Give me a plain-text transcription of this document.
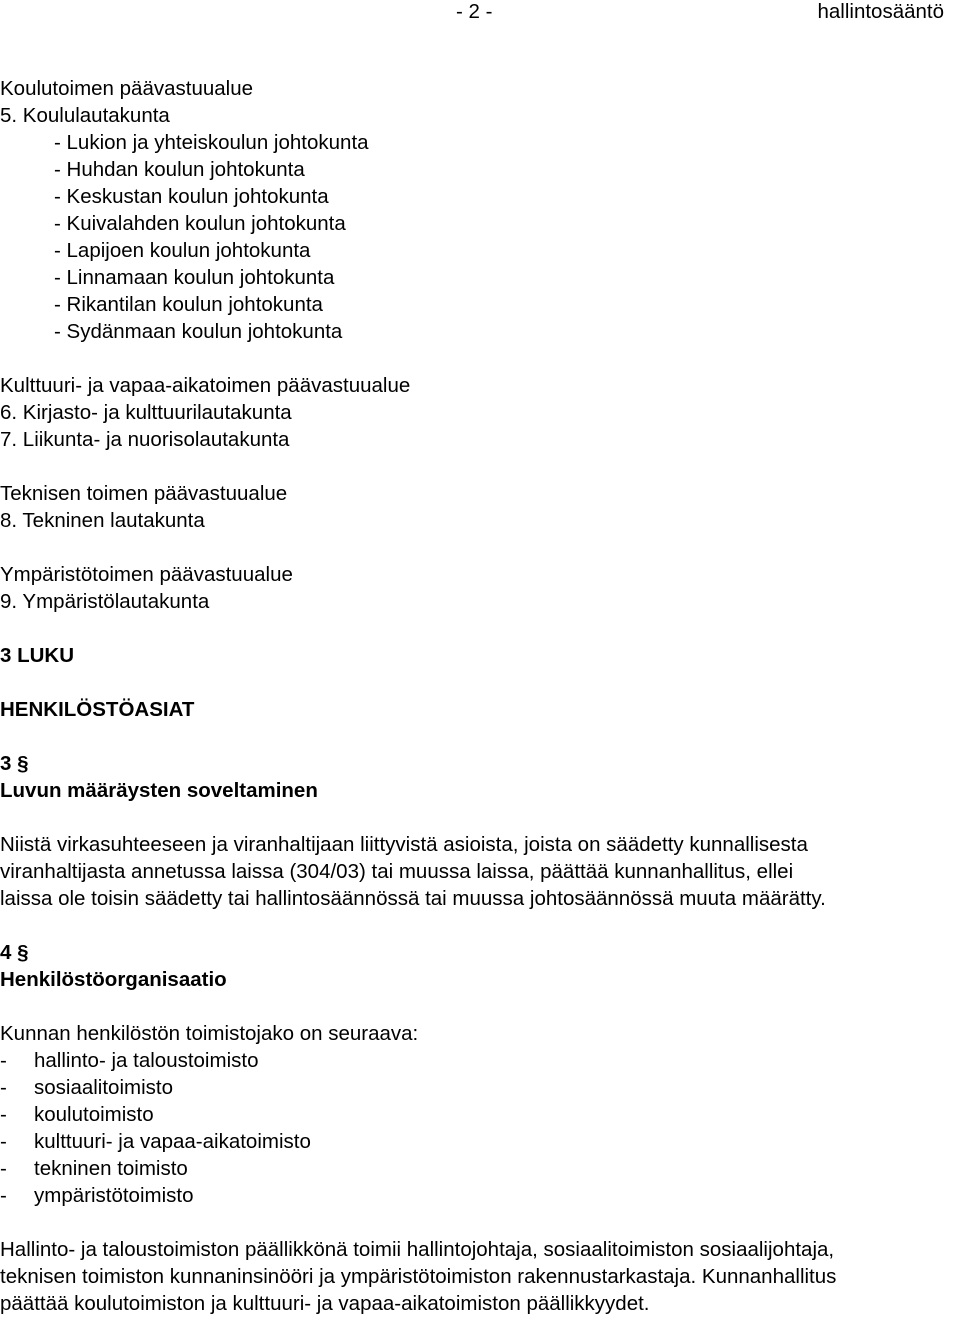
- 2 -	hallintosääntö
Koulutoimen päävastuualue
5. Koululautakunta
- Lukion ja yhteiskoulun johtokunta
- Huhdan koulun johtokunta
- Keskustan koulun johtokunta
- Kuivalahden koulun johtokunta
- Lapijoen koulun johtokunta
- Linnamaan koulun johtokunta
- Rikantilan koulun johtokunta
- Sydänmaan koulun johtokunta
Kulttuuri- ja vapaa-aikatoimen päävastuualue
6. Kirjasto- ja kulttuurilautakunta
7. Liikunta- ja nuorisolautakunta
Teknisen toimen päävastuualue
8. Tekninen lautakunta
Ympäristötoimen päävastuualue
9. Ympäristölautakunta
3 LUKU
HENKILÖSTÖASIAT
3 §
Luvun määräysten soveltaminen
Niistä virkasuhteeseen ja viranhaltijaan liittyvistä asioista, joista on säädetty kunnallisesta
viranhaltijasta annetussa laissa (304/03) tai muussa laissa, päättää kunnanhallitus, ellei
laissa ole toisin säädetty tai hallintosäännössä tai muussa johtosäännössä muuta määrätty.
4 §
Henkilöstöorganisaatio
Kunnan henkilöstön toimistojako on seuraava:
- hallinto- ja taloustoimisto
- sosiaalitoimisto
- koulutoimisto
- kulttuuri- ja vapaa-aikatoimisto
- tekninen toimisto
- ympäristötoimisto
Hallinto- ja taloustoimiston päällikkönä toimii hallintojohtaja, sosiaalitoimiston sosiaalijohtaja,
teknisen toimiston kunnaninsinööri ja ympäristötoimiston rakennustarkastaja. Kunnanhallitus
päättää koulutoimiston ja kulttuuri- ja vapaa-aikatoimiston päällikkyydet.
